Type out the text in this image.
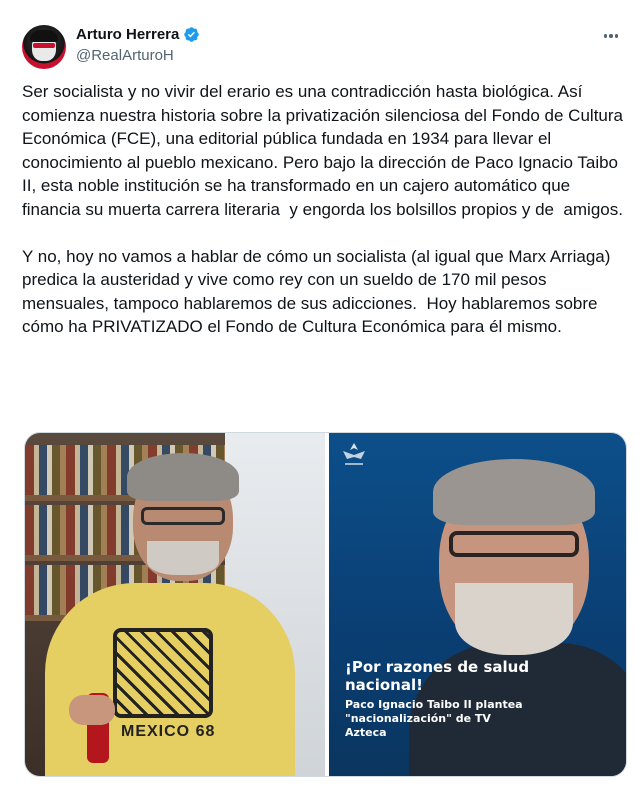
Arturo Herrera
@RealArturoH
Ser socialista y no vivir del erario es una contradicción hasta biológica. Así comienza nuestra historia sobre la privatización silenciosa del Fondo de Cultura Económica (FCE), una editorial pública fundada en 1934 para llevar el conocimiento al pueblo mexicano. Pero bajo la dirección de Paco Ignacio Taibo II, esta noble institución se ha transformado en un cajero automático que financia su muerta carrera literaria  y engorda los bolsillos propios y de  amigos.

Y no, hoy no vamos a hablar de cómo un socialista (al igual que Marx Arriaga) predica la austeridad y vive como rey con un sueldo de 170 mil pesos mensuales, tampoco hablaremos de sus adicciones.  Hoy hablaremos sobre cómo ha PRIVATIZADO el Fondo de Cultura Económica para él mismo.
MEXICO 68
¡Por razones de salud nacional!
Paco Ignacio Taibo II plantea "nacionalización" de TV Azteca
